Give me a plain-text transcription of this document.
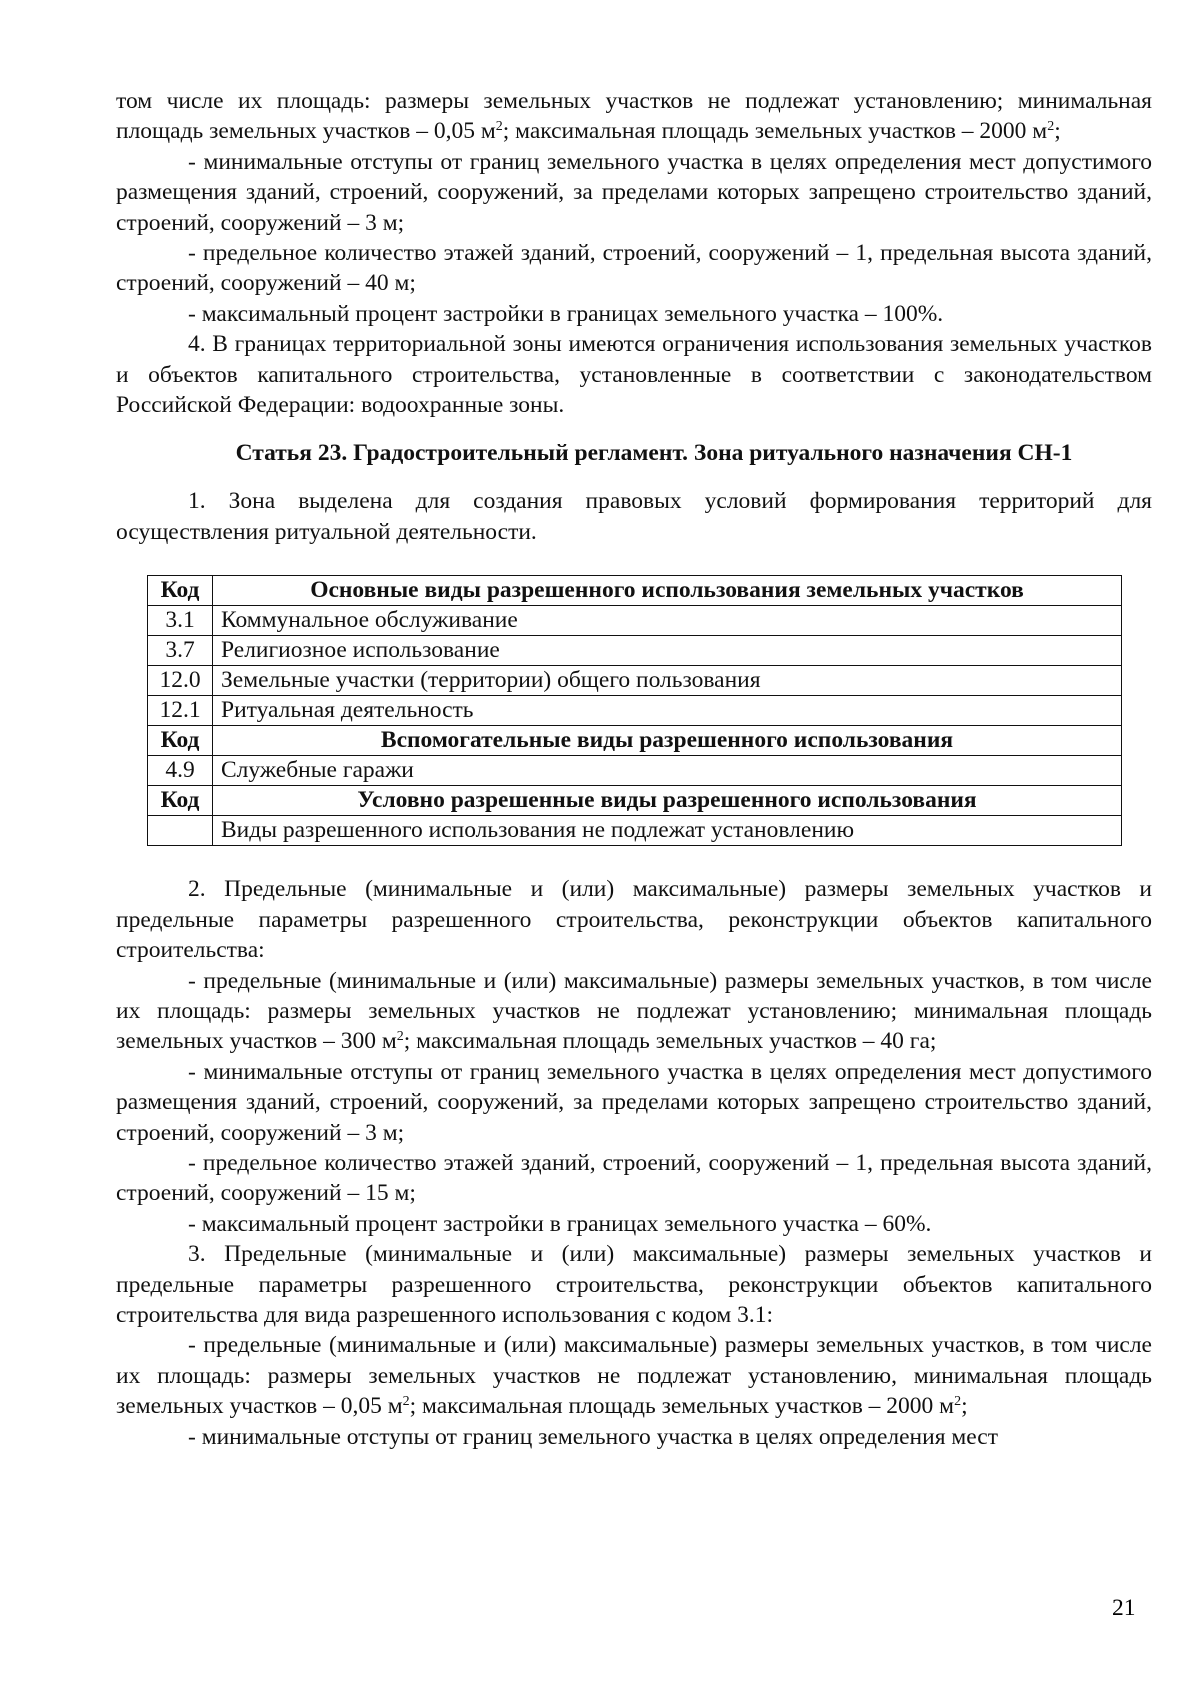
том числе их площадь: размеры земельных участков не подлежат установлению; минимальная площадь земельных участков – 0,05 $м^2$; максимальная площадь земельных участков – 2000 $м^2$;

- минимальные отступы от границ земельного участка в целях определения мест допустимого размещения зданий, строений, сооружений, за пределами которых запрещено строительство зданий, строений, сооружений – 3 м;

- предельное количество этажей зданий, строений, сооружений – 1, предельная высота зданий, строений, сооружений – 40 м;

- максимальный процент застройки в границах земельного участка – 100%.

4. В границах территориальной зоны имеются ограничения использования земельных участков и объектов капитального строительства, установленные в соответствии с законодательством Российской Федерации: водоохранные зоны.

Статья 23. Градостроительный регламент. Зона ритуального назначения СН-1

1. Зона выделена для создания правовых условий формирования территорий для осуществления ритуальной деятельности.

Код	Основные виды разрешенного использования земельных участков
3.1	Коммунальное обслуживание
3.7	Религиозное использование
12.0	Земельные участки (территории) общего пользования
12.1	Ритуальная деятельность
Код	Вспомогательные виды разрешенного использования
4.9	Служебные гаражи
Код	Условно разрешенные виды разрешенного использования
	Виды разрешенного использования не подлежат установлению

2. Предельные (минимальные и (или) максимальные) размеры земельных участков и предельные параметры разрешенного строительства, реконструкции объектов капитального строительства:

- предельные (минимальные и (или) максимальные) размеры земельных участков, в том числе их площадь: размеры земельных участков не подлежат установлению; минимальная площадь земельных участков – 300 $м^2$; максимальная площадь земельных участков – 40 га;

- минимальные отступы от границ земельного участка в целях определения мест допустимого размещения зданий, строений, сооружений, за пределами которых запрещено строительство зданий, строений, сооружений – 3 м;

- предельное количество этажей зданий, строений, сооружений – 1, предельная высота зданий, строений, сооружений – 15 м;

- максимальный процент застройки в границах земельного участка – 60%.

3. Предельные (минимальные и (или) максимальные) размеры земельных участков и предельные параметры разрешенного строительства, реконструкции объектов капитального строительства для вида разрешенного использования с кодом 3.1:

- предельные (минимальные и (или) максимальные) размеры земельных участков, в том числе их площадь: размеры земельных участков не подлежат установлению, минимальная площадь земельных участков – 0,05 $м^2$; максимальная площадь земельных участков – 2000 $м^2$;

- минимальные отступы от границ земельного участка в целях определения мест

21
